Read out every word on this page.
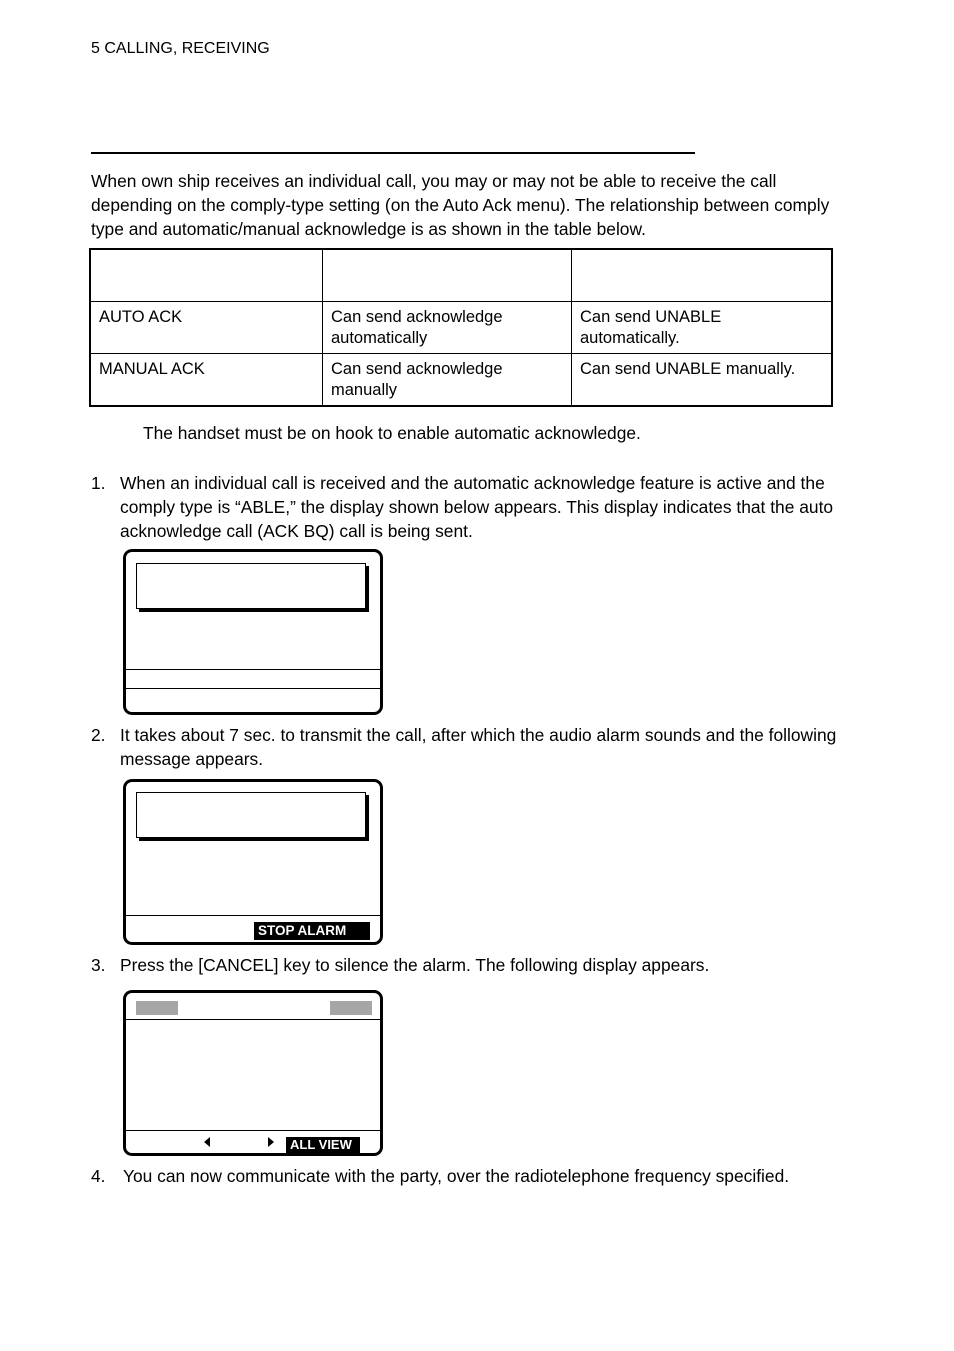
5 CALLING, RECEIVING
When own ship receives an individual call, you may or may not be able to receive the call depending on the comply-type setting (on the Auto Ack menu). The relationship between comply type and automatic/manual acknowledge is as shown in the table below.

AUTO ACK	Can send acknowledge automatically	Can send UNABLE automatically.
MANUAL ACK	Can send acknowledge manually	Can send UNABLE manually.
The handset must be on hook to enable automatic acknowledge.
1. When an individual call is received and the automatic acknowledge feature is active and the comply type is “ABLE,” the display shown below appears. This display indicates that the auto acknowledge call (ACK BQ) call is being sent.
2. It takes about 7 sec. to transmit the call, after which the audio alarm sounds and the following message appears.
STOP ALARM
3. Press the [CANCEL] key to silence the alarm. The following display appears.
ALL VIEW
4. You can now communicate with the party, over the radiotelephone frequency specified.
